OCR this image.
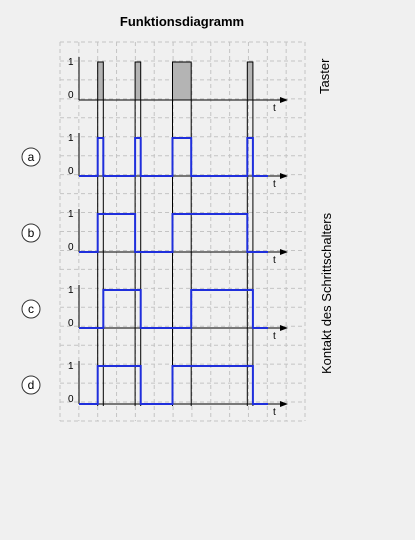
Funktionsdiagramm
t
1
0
t
1
0
t
1
0
t
1
0
t
1
0
a
b
c
d
Taster
Kontakt des Schrittschalters
